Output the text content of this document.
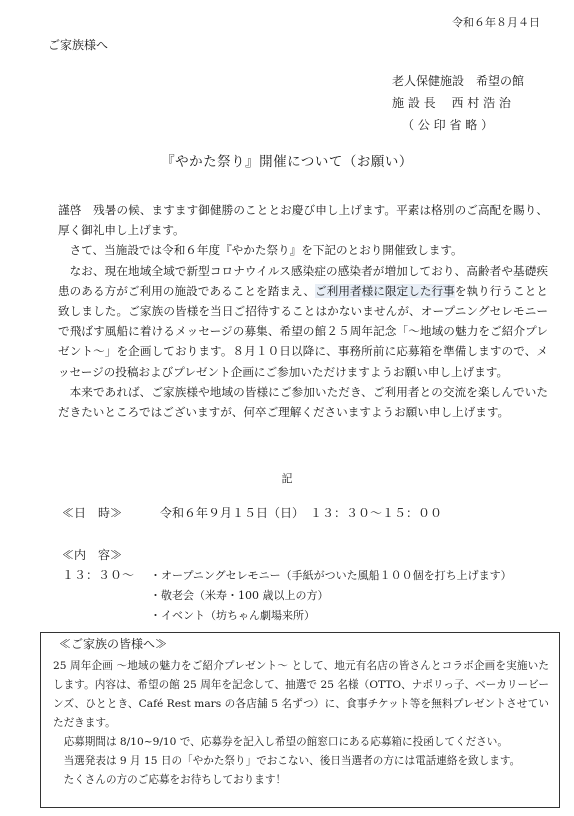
令和６年８月４日

ご家族様へ

老人保健施設　希望の館
施 設 長　 西 村 浩 治
（ 公 印 省 略 ）

『やかた祭り』開催について（お願い）

謹啓　残暑の候、ますます御健勝のこととお慶び申し上げます。平素は格別のご高配を賜り、厚く御礼申し上げます。

さて、当施設では令和６年度『やかた祭り』を下記のとおり開催致します。

なお、現在地域全域で新型コロナウイルス感染症の感染者が増加しており、高齢者や基礎疾患のある方がご利用の施設であることを踏まえ、ご利用者様に限定した行事を執り行うことと致しました。ご家族の皆様を当日ご招待することはかないませんが、オープニングセレモニーで飛ばす風船に着けるメッセージの募集、希望の館２５周年記念「～地域の魅力をご紹介プレゼント～」を企画しております。８月１０日以降に、事務所前に応募箱を準備しますので、メッセージの投稿およびプレゼント企画にご参加いただけますようお願い申し上げます。

本来であれば、ご家族様や地域の皆様にご参加いただき、ご利用者との交流を楽しんでいただきたいところではございますが、何卒ご理解くださいますようお願い申し上げます。

記

≪日　時≫	令和６年９月１５日（日）　１３：３０～１５：００

≪内　容≫

１３：３０～ ・オープニングセレモニー（手紙がついた風船１００個を打ち上げます）
・敬老会（米寿・100 歳以上の方）
・イベント（坊ちゃん劇場来所）
≪ご家族の皆様へ≫

25 周年企画 ～地域の魅力をご紹介プレゼント～ として、地元有名店の皆さんとコラボ企画を実施いたします。内容は、希望の館 25 周年を記念して、抽選で 25 名様（OTTO、ナポリっ子、ベーカリービーンズ、ひととき、Café Rest mars の各店舗 5 名ずつ）に、食事チケット等を無料プレゼントさせていただきます。

応募期間は 8/10~9/10 で、応募券を記入し希望の館窓口にある応募箱に投函してください。

当選発表は 9 月 15 日の「やかた祭り」でおこない、後日当選者の方には電話連絡を致します。

たくさんの方のご応募をお待ちしております！
